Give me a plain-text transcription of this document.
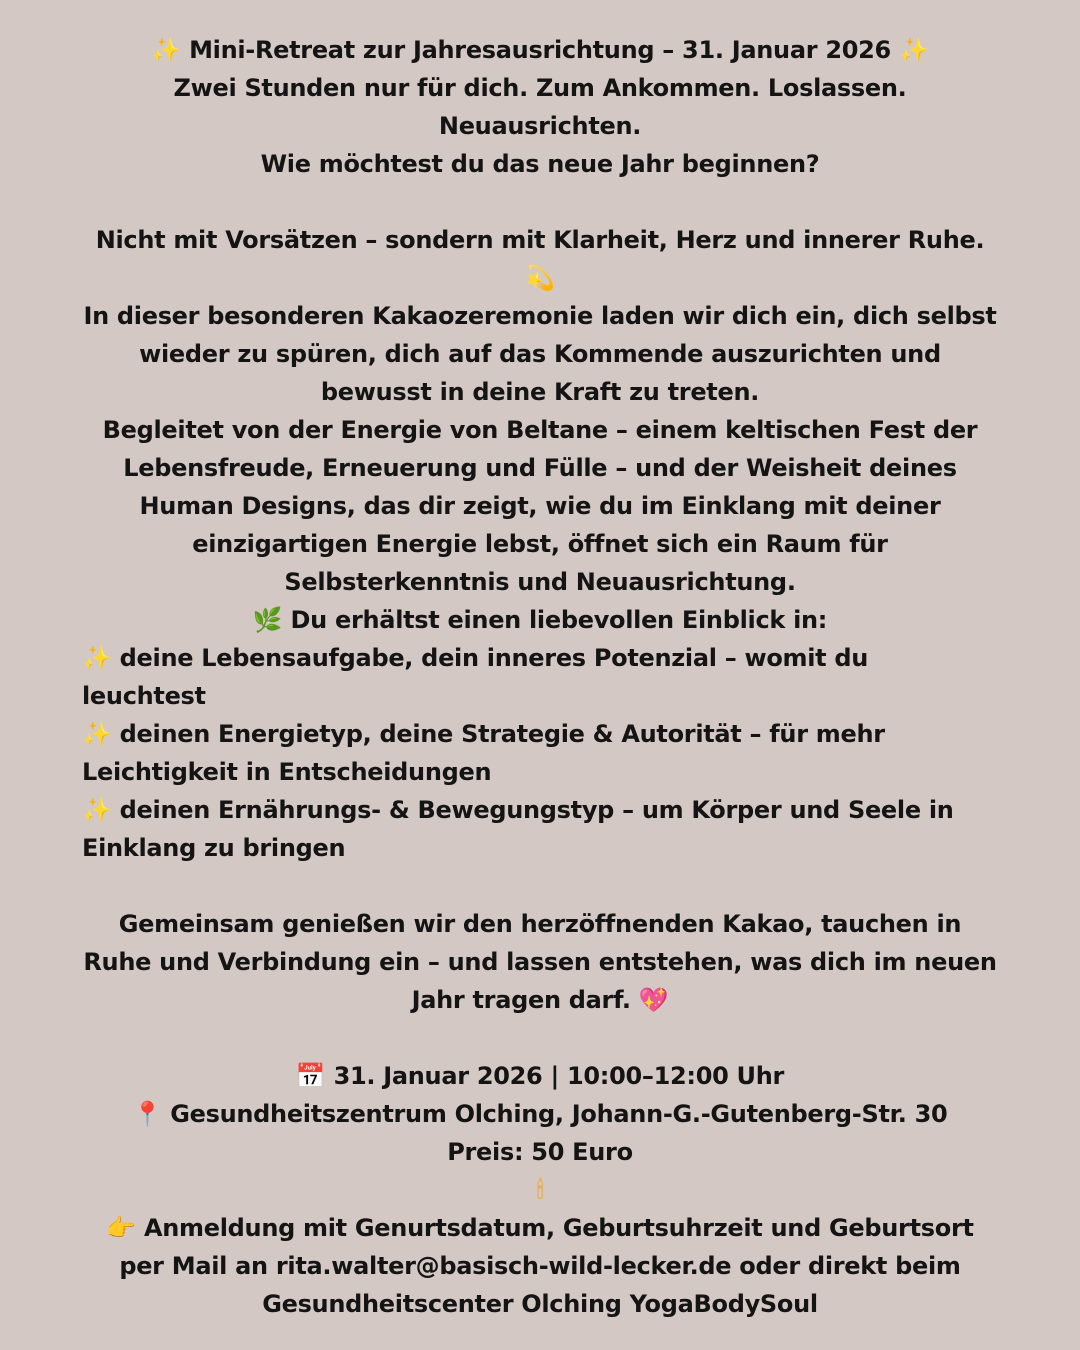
✨ Mini-Retreat zur Jahresausrichtung – 31. Januar 2026 ✨
Zwei Stunden nur für dich. Zum Ankommen. Loslassen.
Neuausrichten.
Wie möchtest du das neue Jahr beginnen?
Nicht mit Vorsätzen – sondern mit Klarheit, Herz und innerer Ruhe.
💫
In dieser besonderen Kakaozeremonie laden wir dich ein, dich selbst
wieder zu spüren, dich auf das Kommende auszurichten und
bewusst in deine Kraft zu treten.
Begleitet von der Energie von Beltane – einem keltischen Fest der
Lebensfreude, Erneuerung und Fülle – und der Weisheit deines
Human Designs, das dir zeigt, wie du im Einklang mit deiner
einzigartigen Energie lebst, öffnet sich ein Raum für
Selbsterkenntnis und Neuausrichtung.
🌿 Du erhältst einen liebevollen Einblick in:
✨ deine Lebensaufgabe, dein inneres Potenzial – womit du
leuchtest
✨ deinen Energietyp, deine Strategie & Autorität – für mehr
Leichtigkeit in Entscheidungen
✨ deinen Ernährungs- & Bewegungstyp – um Körper und Seele in
Einklang zu bringen
Gemeinsam genießen wir den herzöffnenden Kakao, tauchen in
Ruhe und Verbindung ein – und lassen entstehen, was dich im neuen
Jahr tragen darf. 💖
📅 31. Januar 2026 | 10:00–12:00 Uhr
📍 Gesundheitszentrum Olching, Johann-G.-Gutenberg-Str. 30
Preis: 50 Euro
🕯
👉 Anmeldung mit Genurtsdatum, Geburtsuhrzeit und Geburtsort
per Mail an rita.walter@basisch-wild-lecker.de oder direkt beim
Gesundheitscenter Olching YogaBodySoul
